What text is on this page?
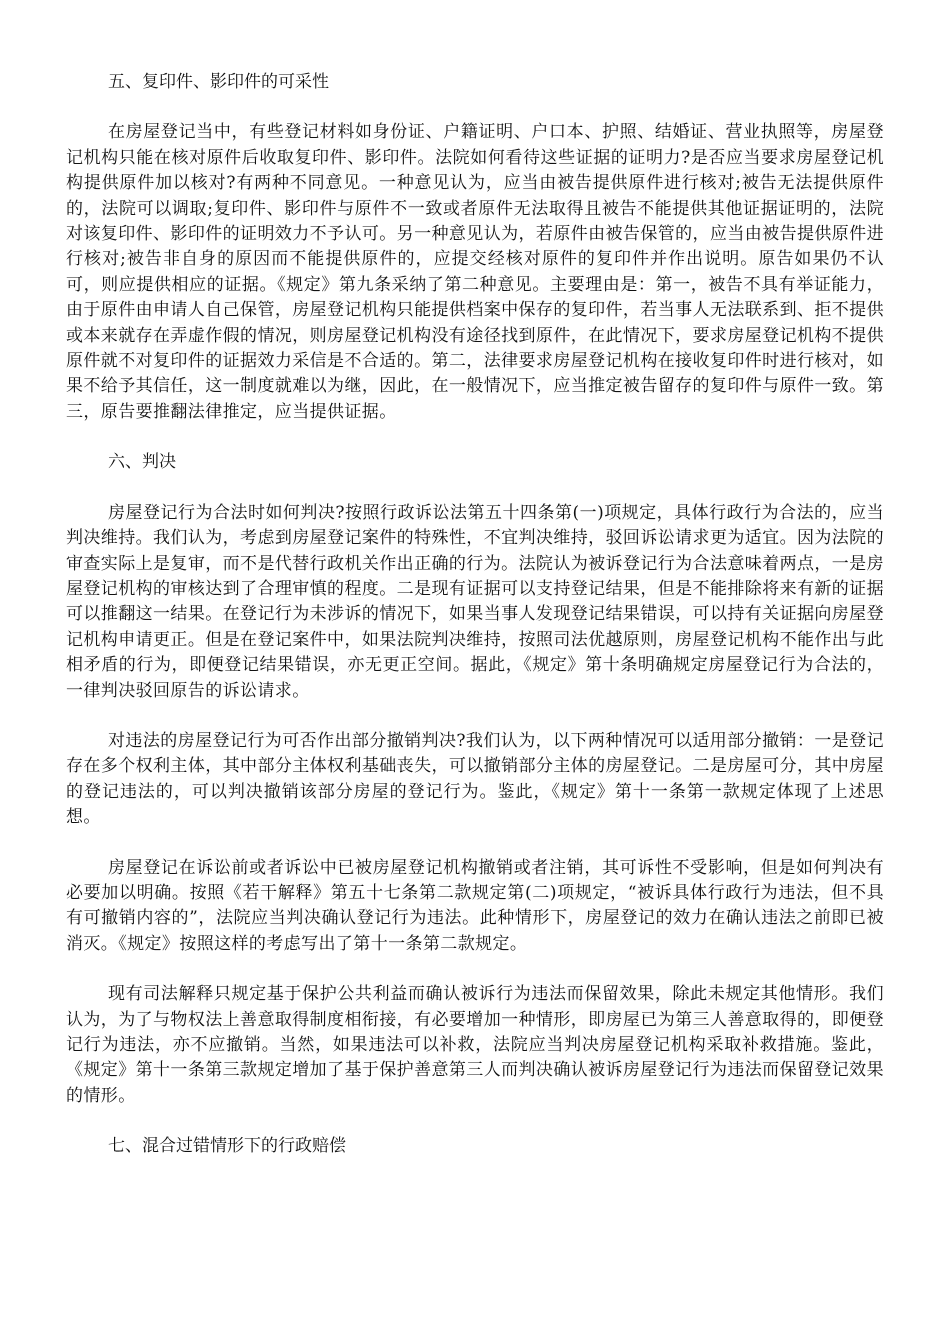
五、复印件、影印件的可采性

在房屋登记当中，有些登记材料如身份证、户籍证明、户口本、护照、结婚证、营业执照等，房屋登记机构只能在核对原件后收取复印件、影印件。法院如何看待这些证据的证明力?是否应当要求房屋登记机构提供原件加以核对?有两种不同意见。一种意见认为，应当由被告提供原件进行核对;被告无法提供原件的，法院可以调取;复印件、影印件与原件不一致或者原件无法取得且被告不能提供其他证据证明的，法院对该复印件、影印件的证明效力不予认可。另一种意见认为，若原件由被告保管的，应当由被告提供原件进行核对;被告非自身的原因而不能提供原件的，应提交经核对原件的复印件并作出说明。原告如果仍不认可，则应提供相应的证据。《规定》第九条采纳了第二种意见。主要理由是：第一，被告不具有举证能力，由于原件由申请人自己保管，房屋登记机构只能提供档案中保存的复印件，若当事人无法联系到、拒不提供或本来就存在弄虚作假的情况，则房屋登记机构没有途径找到原件，在此情况下，要求房屋登记机构不提供原件就不对复印件的证据效力采信是不合适的。第二，法律要求房屋登记机构在接收复印件时进行核对，如果不给予其信任，这一制度就难以为继，因此，在一般情况下，应当推定被告留存的复印件与原件一致。第三，原告要推翻法律推定，应当提供证据。

六、判决

房屋登记行为合法时如何判决?按照行政诉讼法第五十四条第(一)项规定，具体行政行为合法的，应当判决维持。我们认为，考虑到房屋登记案件的特殊性，不宜判决维持，驳回诉讼请求更为适宜。因为法院的审查实际上是复审，而不是代替行政机关作出正确的行为。法院认为被诉登记行为合法意味着两点，一是房屋登记机构的审核达到了合理审慎的程度。二是现有证据可以支持登记结果，但是不能排除将来有新的证据可以推翻这一结果。在登记行为未涉诉的情况下，如果当事人发现登记结果错误，可以持有关证据向房屋登记机构申请更正。但是在登记案件中，如果法院判决维持，按照司法优越原则，房屋登记机构不能作出与此相矛盾的行为，即便登记结果错误，亦无更正空间。据此，《规定》第十条明确规定房屋登记行为合法的，一律判决驳回原告的诉讼请求。

对违法的房屋登记行为可否作出部分撤销判决?我们认为，以下两种情况可以适用部分撤销：一是登记存在多个权利主体，其中部分主体权利基础丧失，可以撤销部分主体的房屋登记。二是房屋可分，其中房屋的登记违法的，可以判决撤销该部分房屋的登记行为。鉴此，《规定》第十一条第一款规定体现了上述思想。

房屋登记在诉讼前或者诉讼中已被房屋登记机构撤销或者注销，其可诉性不受影响，但是如何判决有必要加以明确。按照《若干解释》第五十七条第二款规定第(二)项规定，“被诉具体行政行为违法，但不具有可撤销内容的”，法院应当判决确认登记行为违法。此种情形下，房屋登记的效力在确认违法之前即已被消灭。《规定》按照这样的考虑写出了第十一条第二款规定。

现有司法解释只规定基于保护公共利益而确认被诉行为违法而保留效果，除此未规定其他情形。我们认为，为了与物权法上善意取得制度相衔接，有必要增加一种情形，即房屋已为第三人善意取得的，即便登记行为违法，亦不应撤销。当然，如果违法可以补救，法院应当判决房屋登记机构采取补救措施。鉴此，《规定》第十一条第三款规定增加了基于保护善意第三人而判决确认被诉房屋登记行为违法而保留登记效果的情形。

七、混合过错情形下的行政赔偿
